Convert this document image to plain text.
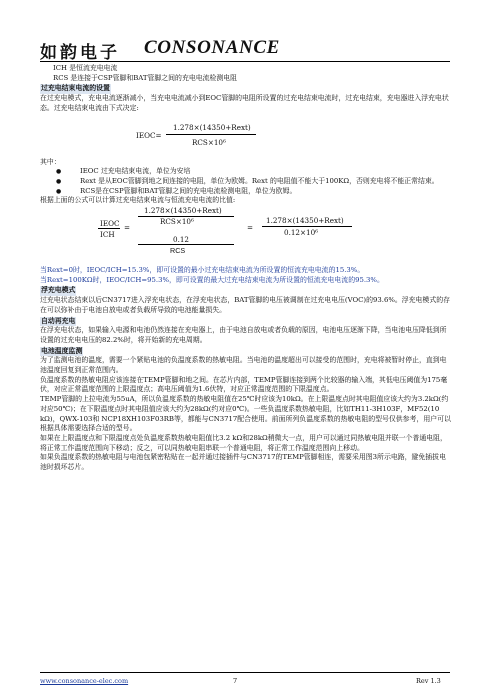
如韵电子 CONSONANCE

ICH 是恒流充电电流

RCS 是连接于CSP管脚和BAT管脚之间的充电电流检测电阻

过充电结束电流的设置

在过充电模式，充电电流逐渐减小，当充电电流减小到EOC管脚的电阻所设置的过充电结束电流时，过充电结束，充电器进入浮充电状态。过充电结束电流由下式决定:

IEOC=
1.278×(14350+Rext)
RCS×10⁶

其中：

● IEOC 过充电结束电流，单位为安培

● Rext 是从EOC管脚到地之间连接的电阻，单位为欧姆。Rext 的电阻值不能大于100KΩ，否则充电将不能正常结束。

● RCS是在CSP管脚和BAT管脚之间的充电电流检测电阻，单位为欧姆。

根据上面的公式可以计算过充电结束电流与恒流充电电流的比值:

IEOC
ICH
=
1.278×(14350+Rext)
RCS×10⁶
0.12
RCS
=
1.278×(14350+Rext)
0.12×10⁶

当Rext=0时，IEOC/ICH=15.3%，即可设置的最小过充电结束电流为所设置的恒流充电电流的15.3%。

当Rext=100KΩ时，IEOC/ICH=95.3%，即可设置的最大过充电结束电流为所设置的恒流充电电流的95.3%。

浮充电模式

过充电状态结束以后CN3717进入浮充电状态，在浮充电状态，BAT管脚的电压被调制在过充电电压(VOC)的93.6%。浮充电模式的存在可以弥补由于电池自放电或者负载所导致的电池能量损失。

自动再充电

在浮充电状态，如果输入电源和电池仍然连接在充电器上，由于电池自放电或者负载的原因，电池电压逐渐下降，当电池电压降低到所设置的过充电电压的82.2%时，将开始新的充电周期。

电池温度监测

为了监测电池的温度，需要一个紧贴电池的负温度系数的热敏电阻。当电池的温度超出可以接受的范围时，充电将被暂时停止，直到电池温度回复到正常范围内。

负温度系数的热敏电阻应该连接在TEMP管脚和地之间。在芯片内部，TEMP管脚连接到两个比较器的输入端，其低电压阈值为175毫伏，对应正常温度范围的上限温度点；高电压阈值为1.6伏特，对应正常温度范围的下限温度点。

TEMP管脚的上拉电流为55uA，所以负温度系数的热敏电阻值在25℃时应该为10kΩ。在上限温度点时其电阻值应该大约为3.2kΩ(约对应50℃)；在下限温度点时其电阻值应该大约为28kΩ(约对应0℃)。一些负温度系数热敏电阻，比如TH11-3H103F，MF52(10 kΩ)，QWX-103和 NCP18XH103F03RB等，都能与CN3717配合使用。前面所列负温度系数的热敏电阻的型号仅供参考，用户可以根据具体需要选择合适的型号。

如果在上限温度点和下限温度点处负温度系数热敏电阻值比3.2 kΩ和28kΩ稍微大一点，用户可以通过同热敏电阻并联一个普通电阻，将正常工作温度范围向下移动；反之，可以同热敏电阻串联一个普通电阻，将正常工作温度范围向上移动。

如果负温度系数的热敏电阻与电池包紧密粘贴在一起并通过接插件与CN3717的TEMP管脚相连，需要采用图3所示电路，避免插拔电池时损坏芯片。

www.consonance-elec.com	7	Rev 1.3
